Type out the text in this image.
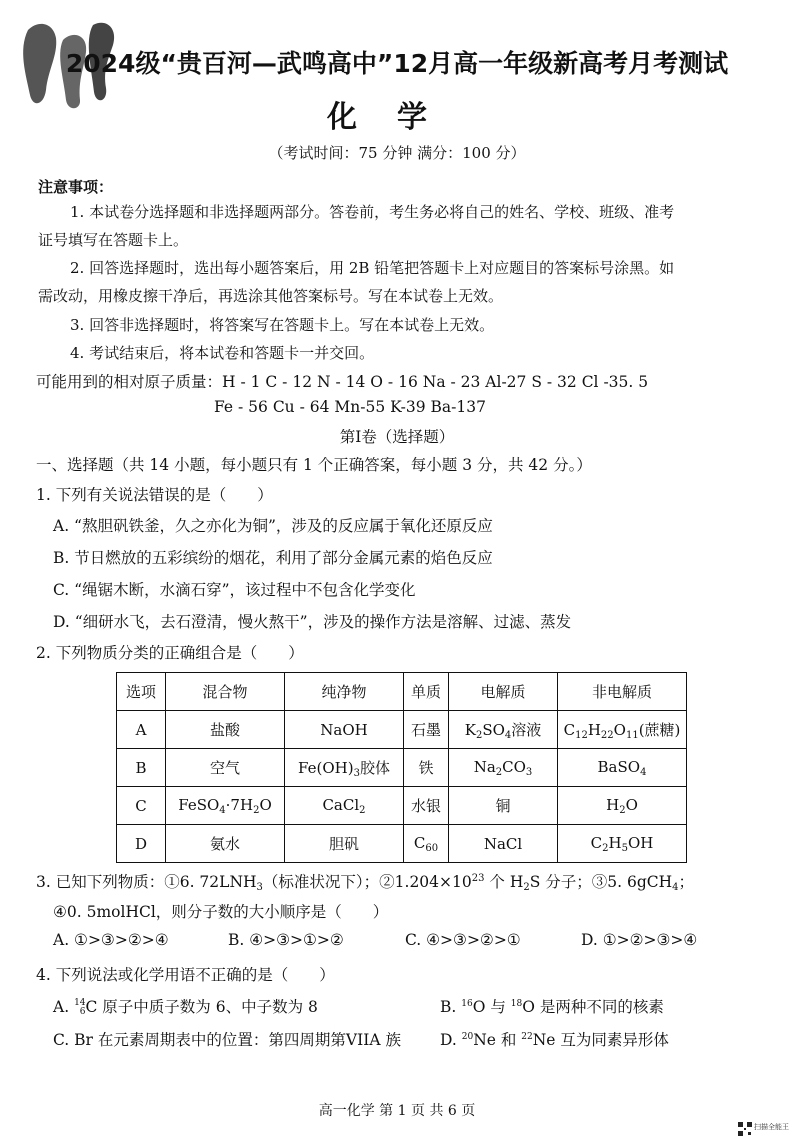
2024级“贵百河—武鸣高中”12月高一年级新高考月考测试
化学
（考试时间：75 分钟 满分：100 分）
注意事项：
1. 本试卷分选择题和非选择题两部分。答卷前，考生务必将自己的姓名、学校、班级、准考
证号填写在答题卡上。
2. 回答选择题时，选出每小题答案后，用 2B 铅笔把答题卡上对应题目的答案标号涂黑。如
需改动，用橡皮擦干净后，再选涂其他答案标号。写在本试卷上无效。
3. 回答非选择题时，将答案写在答题卡上。写在本试卷上无效。
4. 考试结束后，将本试卷和答题卡一并交回。
可能用到的相对原子质量：H - 1 C - 12 N - 14 O - 16 Na - 23 Al-27 S - 32 Cl -35. 5
Fe - 56 Cu - 64 Mn-55 K-39 Ba-137
第Ⅰ卷（选择题）
一、选择题（共 14 小题，每小题只有 1 个正确答案，每小题 3 分，共 42 分。）
1. 下列有关说法错误的是（　　）
A. “熬胆矾铁釜，久之亦化为铜”，涉及的反应属于氧化还原反应
B. 节日燃放的五彩缤纷的烟花，利用了部分金属元素的焰色反应
C. “绳锯木断，水滴石穿”，该过程中不包含化学变化
D. “细研水飞，去石澄清，慢火熬干”，涉及的操作方法是溶解、过滤、蒸发
2. 下列物质分类的正确组合是（　　）
选项	混合物	纯净物	单质	电解质	非电解质
A	盐酸	NaOH	石墨	$K_2SO_4$溶液	$C_{12}H_{22}O_{11}$(蔗糖)
B	空气	$Fe(OH)_3$胶体	铁	$Na_2CO_3$	BaSO$_4$
C	$FeSO_4\cdot 7H_2O$	CaCl$_2$	水银	铜	$H_2O$
D	氨水	胆矾	$C_{60}$	NaCl	$C_2H_5OH$
3. 已知下列物质：①6. $72LNH_3$（标准状况下）；$②1.204\times 10^{23}$ 个 $H_2S$ 分子；③5. 6gCH$_4$；
④0. 5molHCl，则分子数的大小顺序是（　　）
A. ①>③>②>④	B. ④>③>①>②	C. ④>③>②>①	D. ①>②>③>④
4. 下列说法或化学用语不正确的是（　　）
A. 14
6C 原子中质子数为 6、中子数为 8	B. $^{16}$O 与 $^{18}$O 是两种不同的核素
C. Br 在元素周期表中的位置：第四周期第VIIA 族	D. $^{20}$Ne 和 $^{22}$Ne 互为同素异形体
高一化学 第 1 页 共 6 页
扫描全能王
